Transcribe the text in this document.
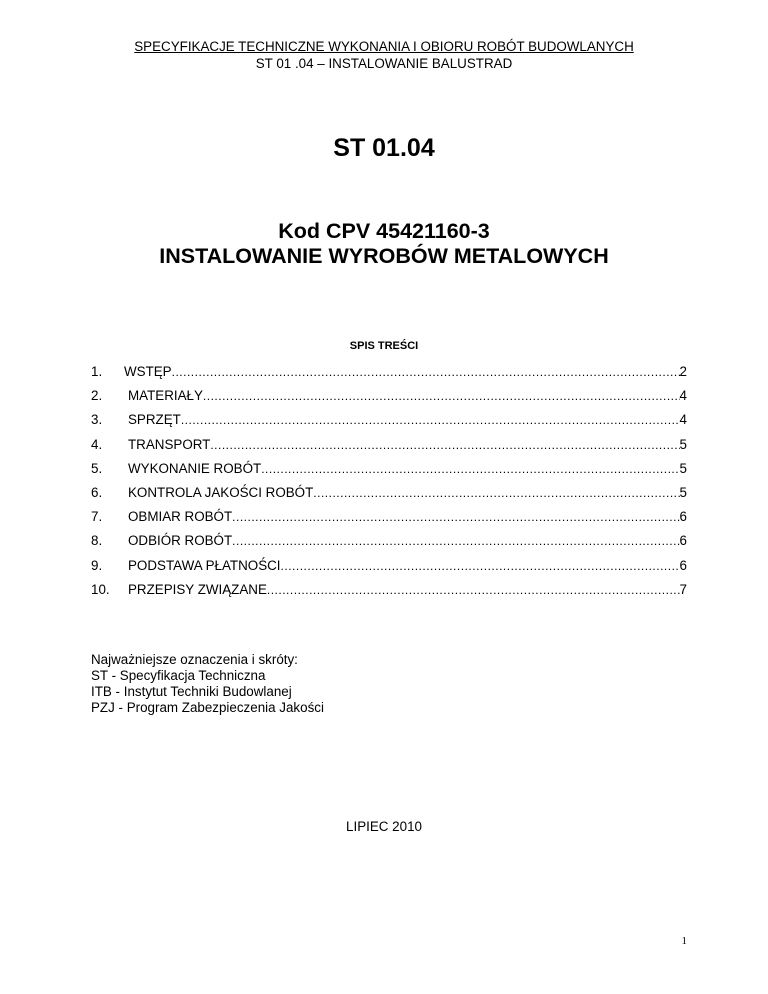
SPECYFIKACJE TECHNICZNE WYKONANIA I OBIORU ROBÓT BUDOWLANYCH
ST 01 .04 – INSTALOWANIE BALUSTRAD
ST 01.04
Kod CPV 45421160-3
INSTALOWANIE WYROBÓW METALOWYCH
SPIS TREŚCI
1. WSTĘP .....	2
2. MATERIAŁY .....	4
3. SPRZĘT .....	4
4. TRANSPORT .....	5
5. WYKONANIE ROBÓT .....	5
6. KONTROLA JAKOŚCI ROBÓT .....	5
7. OBMIAR ROBÓT .....	6
8. ODBIÓR ROBÓT .....	6
9. PODSTAWA PŁATNOŚCI .....	6
10. PRZEPISY ZWIĄZANE .....	7
Najważniejsze oznaczenia i skróty:
ST - Specyfikacja Techniczna
ITB - Instytut Techniki Budowlanej
PZJ - Program Zabezpieczenia Jakości
LIPIEC 2010
1
